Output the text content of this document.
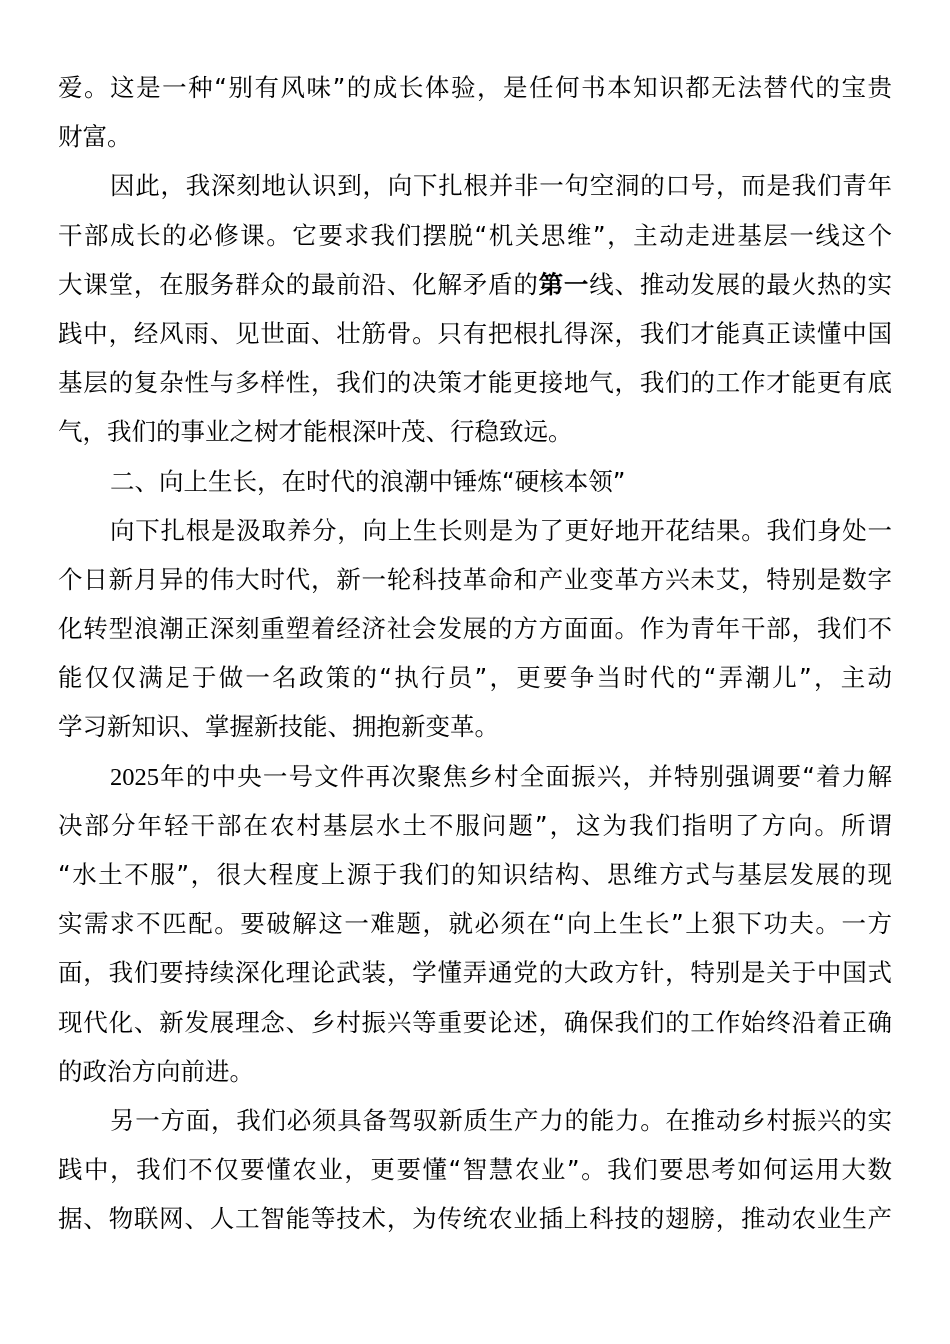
爱。这是一种“别有风味”的成长体验，是任何书本知识都无法替代的宝贵
财富。
因此，我深刻地认识到，向下扎根并非一句空洞的口号，而是我们青年
干部成长的必修课。它要求我们摆脱“机关思维”，主动走进基层一线这个
大课堂，在服务群众的最前沿、化解矛盾的第一线、推动发展的最火热的实
践中，经风雨、见世面、壮筋骨。只有把根扎得深，我们才能真正读懂中国
基层的复杂性与多样性，我们的决策才能更接地气，我们的工作才能更有底
气，我们的事业之树才能根深叶茂、行稳致远。
二、向上生长，在时代的浪潮中锤炼“硬核本领”
向下扎根是汲取养分，向上生长则是为了更好地开花结果。我们身处一
个日新月异的伟大时代，新一轮科技革命和产业变革方兴未艾，特别是数字
化转型浪潮正深刻重塑着经济社会发展的方方面面。作为青年干部，我们不
能仅仅满足于做一名政策的“执行员”，更要争当时代的“弄潮儿”，主动
学习新知识、掌握新技能、拥抱新变革。
2025年的中央一号文件再次聚焦乡村全面振兴，并特别强调要“着力解
决部分年轻干部在农村基层水土不服问题”，这为我们指明了方向。所谓
“水土不服”，很大程度上源于我们的知识结构、思维方式与基层发展的现
实需求不匹配。要破解这一难题，就必须在“向上生长”上狠下功夫。一方
面，我们要持续深化理论武装，学懂弄通党的大政方针，特别是关于中国式
现代化、新发展理念、乡村振兴等重要论述，确保我们的工作始终沿着正确
的政治方向前进。
另一方面，我们必须具备驾驭新质生产力的能力。在推动乡村振兴的实
践中，我们不仅要懂农业，更要懂“智慧农业”。我们要思考如何运用大数
据、物联网、人工智能等技术，为传统农业插上科技的翅膀，推动农业生产
